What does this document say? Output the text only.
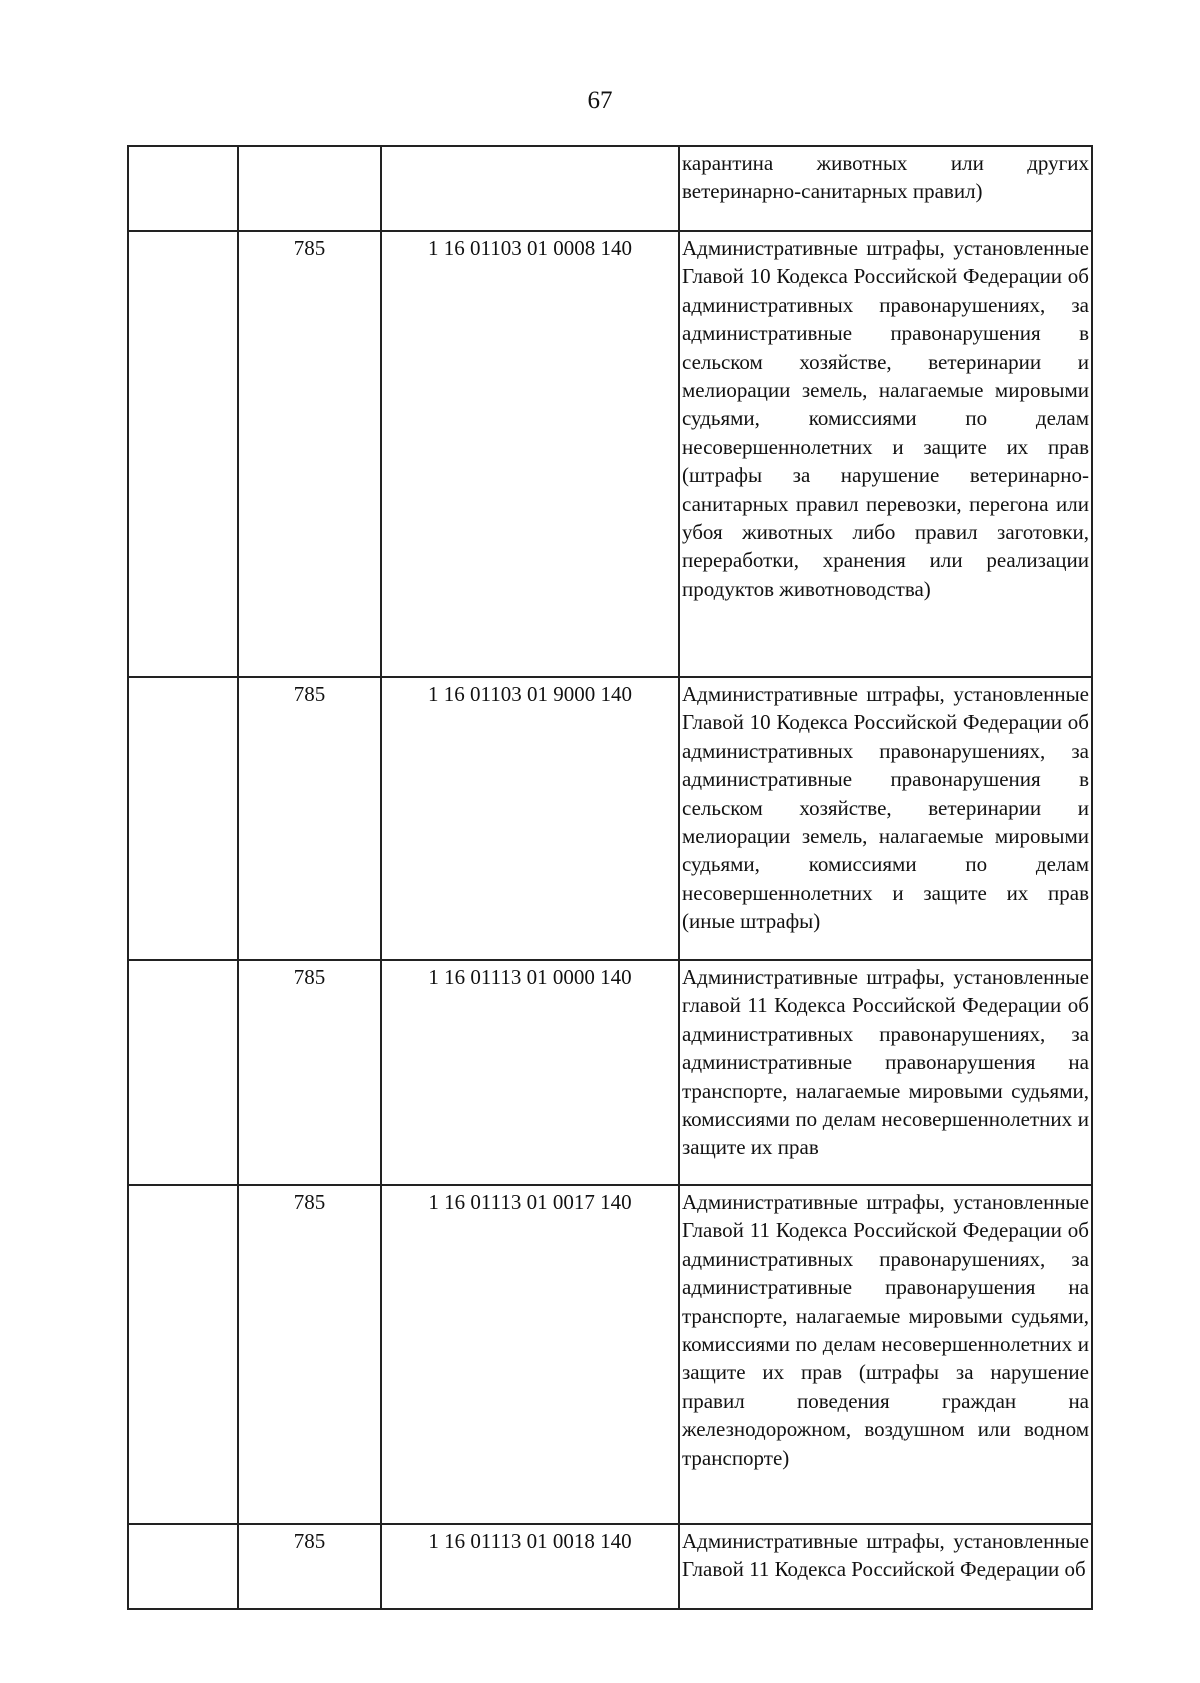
67

			карантина животных или других ветеринарно-санитарных правил)

	785	1 16 01103 01 0008 140	Административные штрафы, установленные Главой 10 Кодекса Российской Федерации об административных правонарушениях, за административные правонарушения в сельском хозяйстве, ветеринарии и мелиорации земель, налагаемые мировыми судьями, комиссиями по делам несовершеннолетних и защите их прав (штрафы за нарушение ветеринарно-санитарных правил перевозки, перегона или убоя животных либо правил заготовки, переработки, хранения или реализации продуктов животноводства)

	785	1 16 01103 01 9000 140	Административные штрафы, установленные Главой 10 Кодекса Российской Федерации об административных правонарушениях, за административные правонарушения в сельском хозяйстве, ветеринарии и мелиорации земель, налагаемые мировыми судьями, комиссиями по делам несовершеннолетних и защите их прав (иные штрафы)

	785	1 16 01113 01 0000 140	Административные штрафы, установленные главой 11 Кодекса Российской Федерации об административных правонарушениях, за административные правонарушения на транспорте, налагаемые мировыми судьями, комиссиями по делам несовершеннолетних и защите их прав

	785	1 16 01113 01 0017 140	Административные штрафы, установленные Главой 11 Кодекса Российской Федерации об административных правонарушениях, за административные правонарушения на транспорте, налагаемые мировыми судьями, комиссиями по делам несовершеннолетних и защите их прав (штрафы за нарушение правил поведения граждан на железнодорожном, воздушном или водном транспорте)

	785	1 16 01113 01 0018 140	Административные штрафы, установленные Главой 11 Кодекса Российской Федерации об
